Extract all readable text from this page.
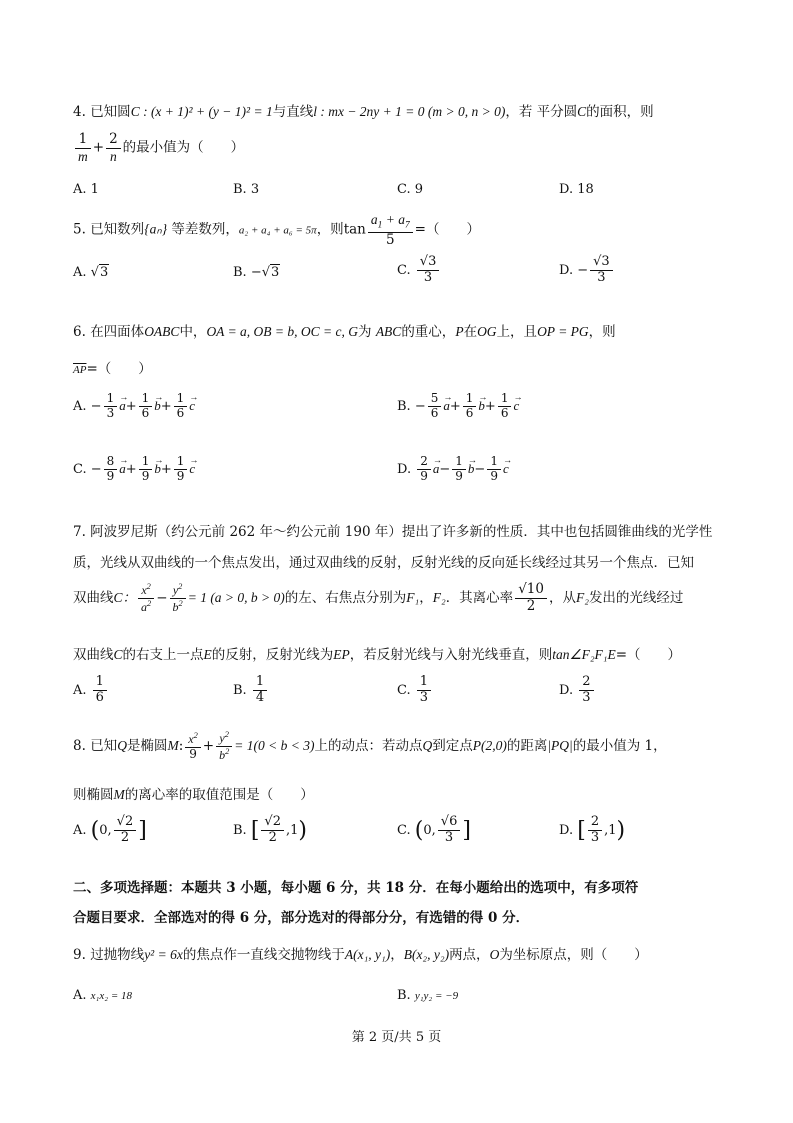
4. 已知圆C : (x + 1)² + (y − 1)² = 1与直线l : mx − 2ny + 1 = 0 (m > 0, n > 0)，若 平分圆C的面积，则
$\frac{1}{m} + \frac{2}{n}$ 的最小值为（　　）
A. 1	B. 3	C. 9	D. 18
5. 已知数列{aₙ} 等差数列，a₂ + a₄ + a₆ = 5π，则$\tan \frac{a_1 + a_7}{5}$ =（　　）
A. √3	B. −√3	C. $\frac{√3}{3}$	D. − $\frac{√3}{3}$
6. 在四面体OABC中，OA = a, OB = b, OC = c, G为 ABC的重心，P在OG上，且OP = PG，则
$\overline{AP}=$（　　）
A. − $\frac{1}{3} \to a+ \frac{1}{6} \to b+ \frac{1}{6} \to c$	B. − $\frac{5}{6} \to a+ \frac{1}{6} \to b+ \frac{1}{6} \to c$
C. − $\frac{8}{9} \to a+ \frac{1}{9} \to b+ \frac{1}{9} \to c$	D. $\frac{2}{9} \to a- \frac{1}{9} \to b- \frac{1}{9} \to c$
7. 阿波罗尼斯（约公元前 262 年～约公元前 190 年）提出了许多新的性质．其中也包括圆锥曲线的光学性
质，光线从双曲线的一个焦点发出，通过双曲线的反射，反射光线的反向延长线经过其另一个焦点．已知
双曲线C： $\frac{x^2}{a^2} - \frac{y^2}{b^2} = 1$ (a > 0, b > 0)的左、右焦点分别为F₁，F₂．其离心率 $\frac{√10}{2}$ ，从F₂发出的光线经过
双曲线C的右支上一点E的反射，反射光线为EP，若反射光线与入射光线垂直，则tan∠F₂F₁E=（　　）
A. $\frac{1}{6}$	B. $\frac{1}{4}$	C. $\frac{1}{3}$	D. $\frac{2}{3}$
8. 已知Q是椭圆M: $\frac{x^2}{9} + \frac{y^2}{b^2} = 1(0 < b < 3)$上的动点：若动点Q到定点P(2,0)的距离|PQ|的最小值为 1，
则椭圆M的离心率的取值范围是（　　）
A. (0, $\frac{√2}{2}$ ]	B. [ $\frac{√2}{2} ,1$)	C. (0, $\frac{√6}{3}$ ]	D. [ $\frac{2}{3} ,1$)
二、多项选择题：本题共 3 小题，每小题 6 分，共 18 分．在每小题给出的选项中，有多项符
合题目要求．全部选对的得 6 分，部分选对的得部分分，有选错的得 0 分．
9. 过抛物线y² = 6x的焦点作一直线交抛物线于A(x₁, y₁)，B(x₂, y₂)两点，O为坐标原点，则（　　）
A. x₁x₂ = 18	B. y₁y₂ = −9
第 2 页/共 5 页
